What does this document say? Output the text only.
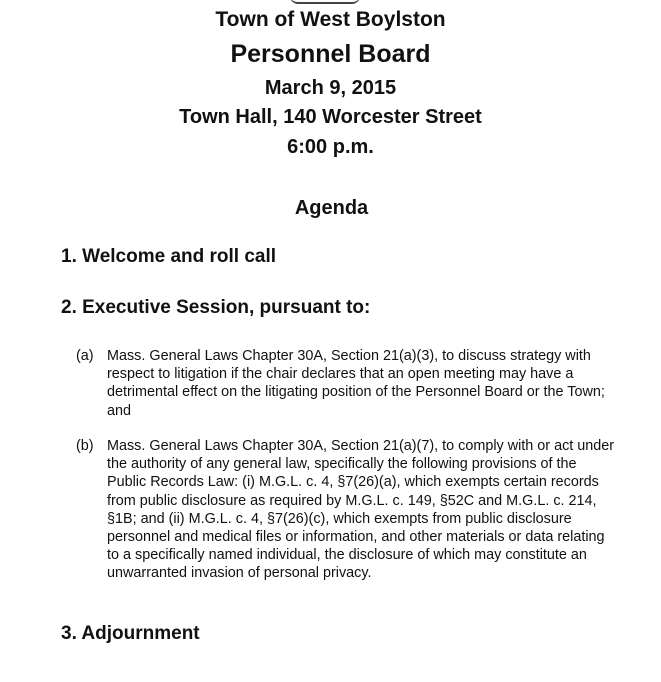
Town of West Boylston
Personnel Board
March 9, 2015
Town Hall, 140 Worcester Street
6:00 p.m.
Agenda
1. Welcome and roll call
2. Executive Session, pursuant to:
(a) Mass. General Laws Chapter 30A, Section 21(a)(3), to discuss strategy with respect to litigation if the chair declares that an open meeting may have a detrimental effect on the litigating position of the Personnel Board or the Town; and
(b) Mass. General Laws Chapter 30A, Section 21(a)(7), to comply with or act under the authority of any general law, specifically the following provisions of the Public Records Law: (i) M.G.L. c. 4, §7(26)(a), which exempts certain records from public disclosure as required by M.G.L. c. 149, §52C and M.G.L. c. 214, §1B; and (ii) M.G.L. c. 4, §7(26)(c), which exempts from public disclosure personnel and medical files or information, and other materials or data relating to a specifically named individual, the disclosure of which may constitute an unwarranted invasion of personal privacy.
3. Adjournment
